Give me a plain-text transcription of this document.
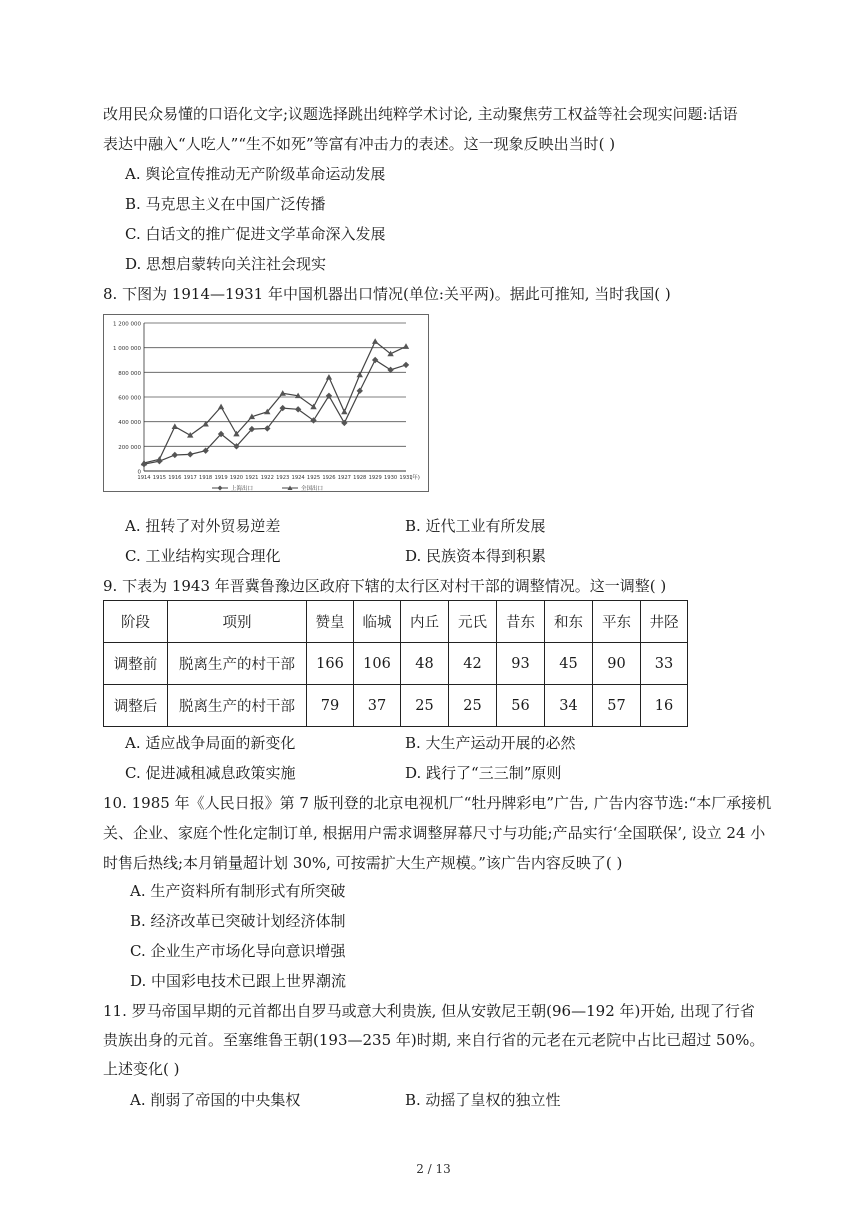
改用民众易懂的口语化文字;议题选择跳出纯粹学术讨论, 主动聚焦劳工权益等社会现实问题:话语
表达中融入“人吃人”“生不如死”等富有冲击力的表述。这一现象反映出当时( )
A. 舆论宣传推动无产阶级革命运动发展
B. 马克思主义在中国广泛传播
C. 白话文的推广促进文学革命深入发展
D. 思想启蒙转向关注社会现实
8. 下图为 1914—1931 年中国机器出口情况(单位:关平两)。据此可推知, 当时我国( )
0
200 000
400 000
600 000
800 000
1 000 000
1 200 000
1914 1915 1916 1917 1918 1919 1920 1921 1922 1923 1924 1925 1926 1927 1928 1929 1930 1931
(年)
上海出口	全国出口
A. 扭转了对外贸易逆差	B. 近代工业有所发展
C. 工业结构实现合理化	D. 民族资本得到积累
9. 下表为 1943 年晋冀鲁豫边区政府下辖的太行区对村干部的调整情况。这一调整( )
阶段	项别	赞皇	临城	内丘	元氏	昔东	和东	平东	井陉
调整前	脱离生产的村干部	166	106	48	42	93	45	90	33
调整后	脱离生产的村干部	79	37	25	25	56	34	57	16
A. 适应战争局面的新变化	B. 大生产运动开展的必然
C. 促进减租减息政策实施	D. 践行了“三三制”原则
10. 1985 年《人民日报》第 7 版刊登的北京电视机厂“牡丹牌彩电”广告, 广告内容节选:“本厂承接机
关、企业、家庭个性化定制订单, 根据用户需求调整屏幕尺寸与功能;产品实行‘全国联保’, 设立 24 小
时售后热线;本月销量超计划 30%, 可按需扩大生产规模。”该广告内容反映了( )
A. 生产资料所有制形式有所突破
B. 经济改革已突破计划经济体制
C. 企业生产市场化导向意识增强
D. 中国彩电技术已跟上世界潮流
11. 罗马帝国早期的元首都出自罗马或意大利贵族, 但从安敦尼王朝(96—192 年)开始, 出现了行省
贵族出身的元首。至塞维鲁王朝(193—235 年)时期, 来自行省的元老在元老院中占比已超过 50%。
上述变化( )
A. 削弱了帝国的中央集权	B. 动摇了皇权的独立性
2 / 13
